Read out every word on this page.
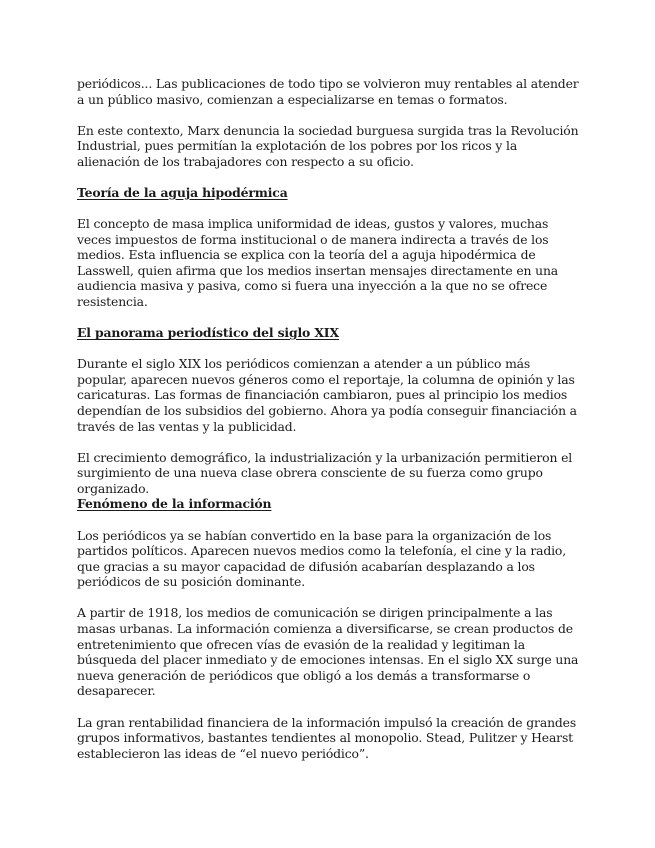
periódicos... Las publicaciones de todo tipo se volvieron muy rentables al atender a un público masivo, comienzan a especializarse en temas o formatos.

En este contexto, Marx denuncia la sociedad burguesa surgida tras la Revolución Industrial, pues permitían la explotación de los pobres por los ricos y la alienación de los trabajadores con respecto a su oficio.

Teoría de la aguja hipodérmica

El concepto de masa implica uniformidad de ideas, gustos y valores, muchas veces impuestos de forma institucional o de manera indirecta a través de los medios. Esta influencia se explica con la teoría del a aguja hipodérmica de Lasswell, quien afirma que los medios insertan mensajes directamente en una audiencia masiva y pasiva, como si fuera una inyección a la que no se ofrece resistencia.

El panorama periodístico del siglo XIX

Durante el siglo XIX los periódicos comienzan a atender a un público más popular, aparecen nuevos géneros como el reportaje, la columna de opinión y las caricaturas. Las formas de financiación cambiaron, pues al principio los medios dependían de los subsidios del gobierno. Ahora ya podía conseguir financiación a través de las ventas y la publicidad.

El crecimiento demográfico, la industrialización y la urbanización permitieron el surgimiento de una nueva clase obrera consciente de su fuerza como grupo organizado.

Fenómeno de la información

Los periódicos ya se habían convertido en la base para la organización de los partidos políticos. Aparecen nuevos medios como la telefonía, el cine y la radio, que gracias a su mayor capacidad de difusión acabarían desplazando a los periódicos de su posición dominante.

A partir de 1918, los medios de comunicación se dirigen principalmente a las masas urbanas. La información comienza a diversificarse, se crean productos de entretenimiento que ofrecen vías de evasión de la realidad y legitiman la búsqueda del placer inmediato y de emociones intensas. En el siglo XX surge una nueva generación de periódicos que obligó a los demás a transformarse o desaparecer.

La gran rentabilidad financiera de la información impulsó la creación de grandes grupos informativos, bastantes tendientes al monopolio. Stead, Pulitzer y Hearst establecieron las ideas de “el nuevo periódico”.
